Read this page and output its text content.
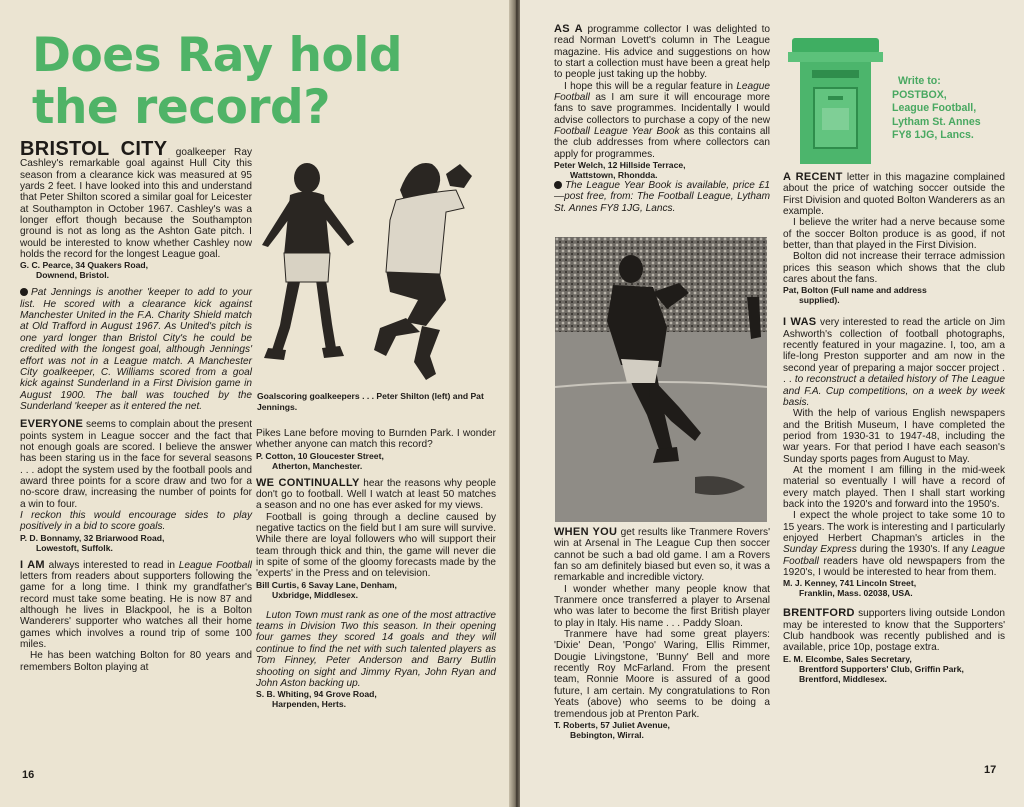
Does Ray hold
the record?
Goalscoring goalkeepers . . . Peter Shilton (left) and Pat Jennings.

BRISTOL CITY goalkeeper Ray Cashley's remarkable goal against Hull City this season from a clearance kick was measured at 95 yards 2 feet. I have looked into this and understand that Peter Shilton scored a similar goal for Leicester at Southampton in October 1967. Cashley's was a longer effort though because the Southampton ground is not as long as the Ashton Gate pitch. I would be interested to know whether Cashley now holds the record for the longest League goal.

G. C. Pearce, 34 Quakers Road,

Downend, Bristol.

Pat Jennings is another 'keeper to add to your list. He scored with a clearance kick against Manchester United in the F.A. Charity Shield match at Old Trafford in August 1967. As United's pitch is one yard longer than Bristol City's he could be credited with the longest goal, although Jennings' effort was not in a League match. A Manchester City goalkeeper, C. Williams scored from a goal kick against Sunderland in a First Division game in August 1900. The ball was touched by the Sunderland 'keeper as it entered the net.

EVERYONE seems to complain about the present points system in League soccer and the fact that not enough goals are scored. I believe the answer has been staring us in the face for several seasons . . . adopt the system used by the football pools and award three points for a score draw and two for a no-score draw, increasing the number of points for a win to four.

I reckon this would encourage sides to play positively in a bid to score goals.

P. D. Bonnamy, 32 Briarwood Road,

Lowestoft, Suffolk.

I AM always interested to read in League Football letters from readers about supporters following the game for a long time. I think my grandfather's record must take some beating. He is now 87 and although he lives in Blackpool, he is a Bolton Wanderers' supporter who watches all their home games which involves a round trip of some 100 miles.

He has been watching Bolton for 80 years and remembers Bolton playing at

16

Pikes Lane before moving to Burnden Park. I wonder whether anyone can match this record?

P. Cotton, 10 Gloucester Street,

Atherton, Manchester.

WE CONTINUALLY hear the reasons why people don't go to football. Well I watch at least 50 matches a season and no one has ever asked for my views.

Football is going through a decline caused by negative tactics on the field but I am sure will survive. While there are loyal followers who will support their team through thick and thin, the game will never die in spite of some of the gloomy forecasts made by the 'experts' in the Press and on television.

Bill Curtis, 6 Savay Lane, Denham,

Uxbridge, Middlesex.

Luton Town must rank as one of the most attractive teams in Division Two this season. In their opening four games they scored 14 goals and they will continue to find the net with such talented players as Tom Finney, Peter Anderson and Barry Butlin shooting on sight and Jimmy Ryan, John Ryan and John Aston backing up.

S. B. Whiting, 94 Grove Road,

Harpenden, Herts.

AS A programme collector I was delighted to read Norman Lovett's column in The League magazine. His advice and suggestions on how to start a collection must have been a great help to people just taking up the hobby.

I hope this will be a regular feature in League Football as I am sure it will encourage more fans to save programmes. Incidentally I would advise collectors to purchase a copy of the new Football League Year Book as this contains all the club addresses from where collectors can apply for programmes.

Peter Welch, 12 Hillside Terrace,

Wattstown, Rhondda.

The League Year Book is available, price £1—post free, from: The Football League, Lytham St. Annes FY8 1JG, Lancs.

WHEN YOU get results like Tranmere Rovers' win at Arsenal in The League Cup then soccer cannot be such a bad old game. I am a Rovers fan so am definitely biased but even so, it was a remarkable and incredible victory.

I wonder whether many people know that Tranmere once transferred a player to Arsenal who was later to become the first British player to play in Italy. His name . . . Paddy Sloan.

Tranmere have had some great players: 'Dixie' Dean, 'Pongo' Waring, Ellis Rimmer, Dougie Livingstone, 'Bunny' Bell and more recently Roy McFarland. From the present team, Ronnie Moore is assured of a good future, I am certain. My congratulations to Ron Yeats (above) who seems to be doing a tremendous job at Prenton Park.

T. Roberts, 57 Juliet Avenue,

Bebington, Wirral.

Write to:
POSTBOX,
League Football,
Lytham St. Annes
FY8 1JG, Lancs.

A RECENT letter in this magazine complained about the price of watching soccer outside the First Division and quoted Bolton Wanderers as an example.

I believe the writer had a nerve because some of the soccer Bolton produce is as good, if not better, than that played in the First Division.

Bolton did not increase their terrace admission prices this season which shows that the club cares about the fans.

Pat, Bolton (Full name and address

supplied).

I WAS very interested to read the article on Jim Ashworth's collection of football photographs, recently featured in your magazine. I, too, am a life-long Preston supporter and am now in the second year of preparing a major soccer project . . . to reconstruct a detailed history of The League and F.A. Cup competitions, on a week by week basis.

With the help of various English newspapers and the British Museum, I have completed the period from 1930-31 to 1947-48, including the war years. For that period I have each season's Sunday sports pages from August to May.

At the moment I am filling in the mid-week material so eventually I will have a record of every match played. Then I shall start working back into the 1920's and forward into the 1950's.

I expect the whole project to take some 10 to 15 years. The work is interesting and I particularly enjoyed Herbert Chapman's articles in the Sunday Express during the 1930's. If any League Football readers have old newspapers from the 1920's, I would be interested to hear from them.

M. J. Kenney, 741 Lincoln Street,

Franklin, Mass. 02038, USA.

BRENTFORD supporters living outside London may be interested to know that the Supporters' Club handbook was recently published and is available, price 10p, postage extra.

E. M. Elcombe, Sales Secretary,

Brentford Supporters' Club, Griffin Park,

Brentford, Middlesex.

17
